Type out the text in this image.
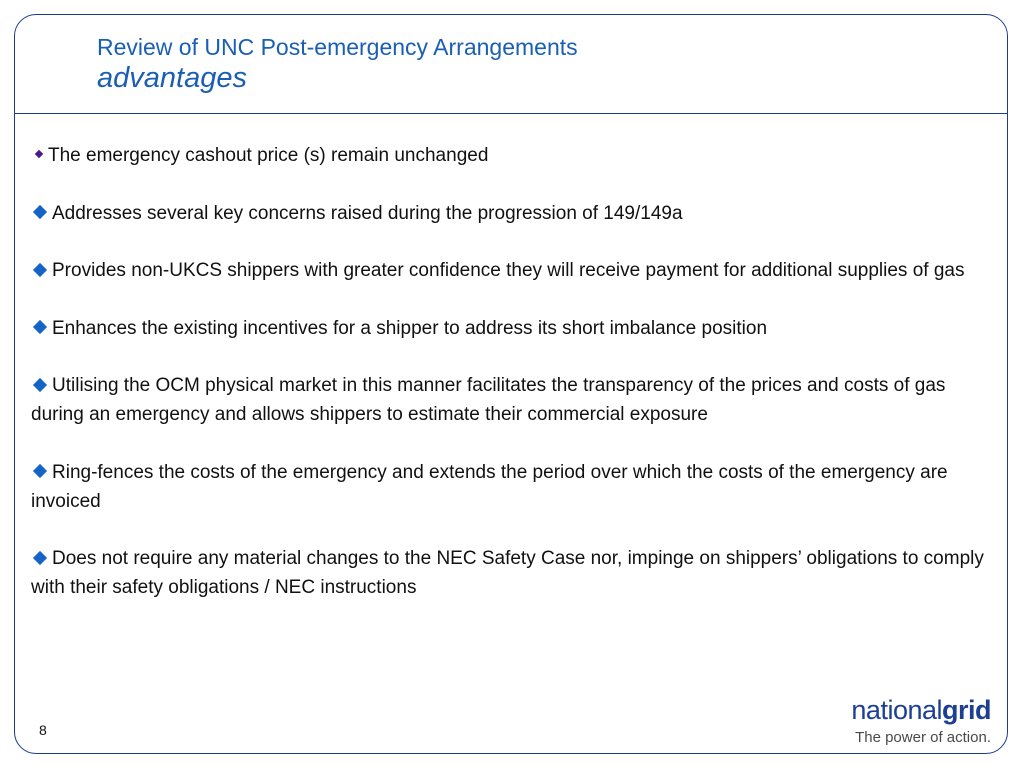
Review of UNC Post-emergency Arrangements
advantages
The emergency cashout price (s) remain unchanged
Addresses several key concerns raised during the progression of 149/149a
Provides non-UKCS shippers with greater confidence they will receive payment for additional supplies of gas
Enhances the existing incentives for a shipper to address its short imbalance position
Utilising the OCM physical market in this manner facilitates the transparency of the prices and costs of gas during an emergency and allows shippers to estimate their commercial exposure
Ring-fences the costs of the emergency and extends the period over which the costs of the emergency are invoiced
Does not require any material changes to the NEC Safety Case nor, impinge on shippers’ obligations to comply with their safety obligations / NEC instructions
8
nationalgrid
The power of action.
